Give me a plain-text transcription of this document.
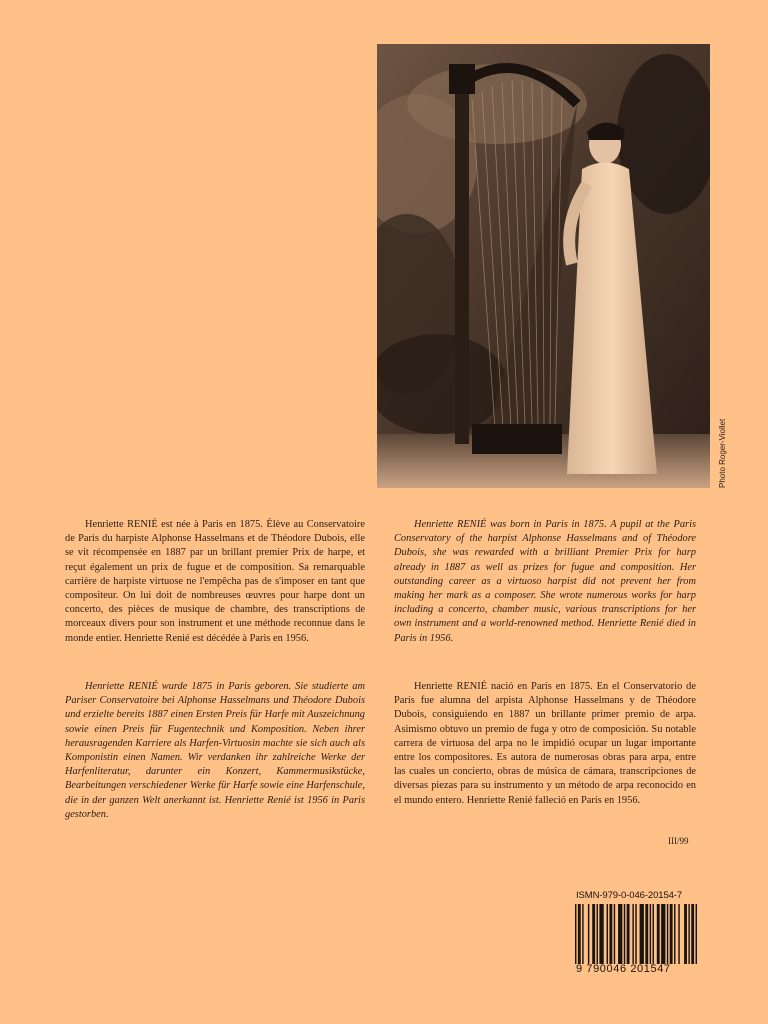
Photo Roger-Viollet

Henriette RENIÉ est née à Paris en 1875. Élève au Conservatoire de Paris du harpiste Alphonse Hasselmans et de Théodore Dubois, elle se vit récompensée en 1887 par un brillant premier Prix de harpe, et reçut également un prix de fugue et de composition. Sa remarquable carrière de harpiste virtuose ne l'empêcha pas de s'imposer en tant que compositeur. On lui doit de nombreuses œuvres pour harpe dont un concerto, des pièces de musique de chambre, des transcriptions de morceaux divers pour son instrument et une méthode reconnue dans le monde entier. Henriette Renié est décédée à Paris en 1956.

Henriette RENIÉ was born in Paris in 1875. A pupil at the Paris Conservatory of the harpist Alphonse Hasselmans and of Théodore Dubois, she was rewarded with a brilliant Premier Prix for harp already in 1887 as well as prizes for fugue and composition. Her outstanding career as a virtuoso harpist did not prevent her from making her mark as a composer. She wrote numerous works for harp including a concerto, chamber music, various transcriptions for her own instrument and a world-renowned method. Henriette Renié died in Paris in 1956.

Henriette RENIÉ wurde 1875 in Paris geboren. Sie studierte am Pariser Conservatoire bei Alphonse Hasselmans und Théodore Dubois und erzielte bereits 1887 einen Ersten Preis für Harfe mit Auszeichnung sowie einen Preis für Fugentechnik und Komposition. Neben ihrer herausragenden Karriere als Harfen-Virtuosin machte sie sich auch als Komponistin einen Namen. Wir verdanken ihr zahlreiche Werke der Harfenliteratur, darunter ein Konzert, Kammermusikstücke, Bearbeitungen verschiedener Werke für Harfe sowie eine Harfenschule, die in der ganzen Welt anerkannt ist. Henriette Renié ist 1956 in Paris gestorben.

Henriette RENIÉ nació en París en 1875. En el Conservatorio de París fue alumna del arpista Alphonse Hasselmans y de Théodore Dubois, consiguiendo en 1887 un brillante primer premio de arpa. Asimismo obtuvo un premio de fuga y otro de composición. Su notable carrera de virtuosa del arpa no le impidió ocupar un lugar importante entre los compositores. Es autora de numerosas obras para arpa, entre las cuales un concierto, obras de música de cámara, transcripciones de diversas piezas para su instrumento y un método de arpa reconocido en el mundo entero. Henriette Renié falleció en París en 1956.

III/99
ISMN-979-0-046-20154-7
9 790046 201547
